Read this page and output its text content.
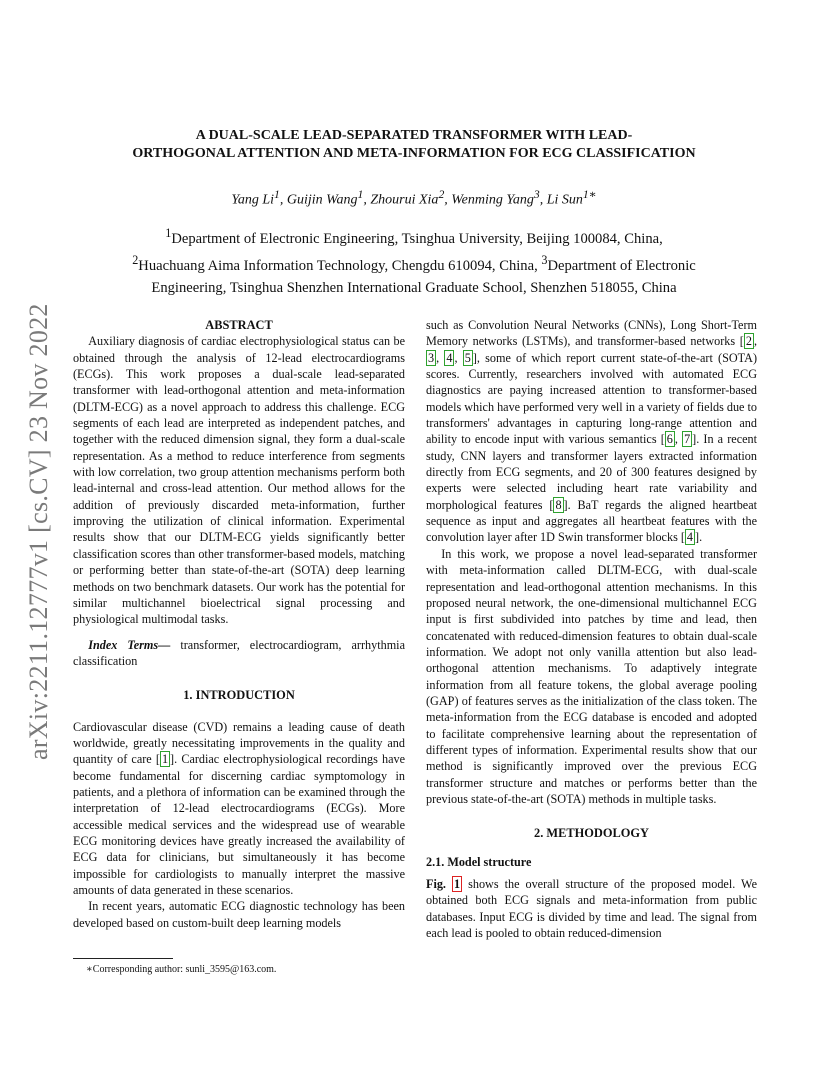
arXiv:2211.12777v1 [cs.CV] 23 Nov 2022
A DUAL-SCALE LEAD-SEPARATED TRANSFORMER WITH LEAD-
ORTHOGONAL ATTENTION AND META-INFORMATION FOR ECG CLASSIFICATION
Yang Li$^1$, Guijin Wang$^1$, Zhourui Xia$^2$, Wenming Yang$^3$, Li Sun$^{1∗}$
$^1$Department of Electronic Engineering, Tsinghua University, Beijing 100084, China,
$^2$Huachuang Aima Information Technology, Chengdu 610094, China, $^3$Department of Electronic
Engineering, Tsinghua Shenzhen International Graduate School, Shenzhen 518055, China
ABSTRACT

Auxiliary diagnosis of cardiac electrophysiological status can be obtained through the analysis of 12-lead electrocardiograms (ECGs). This work proposes a dual-scale lead-separated transformer with lead-orthogonal attention and meta-information (DLTM-ECG) as a novel approach to address this challenge. ECG segments of each lead are interpreted as independent patches, and together with the reduced dimension signal, they form a dual-scale representation. As a method to reduce interference from segments with low correlation, two group attention mechanisms perform both lead-internal and cross-lead attention. Our method allows for the addition of previously discarded meta-information, further improving the utilization of clinical information. Experimental results show that our DLTM-ECG yields significantly better classification scores than other transformer-based models, matching or performing better than state-of-the-art (SOTA) deep learning methods on two benchmark datasets. Our work has the potential for similar multichannel bioelectrical signal processing and physiological multimodal tasks.

Index Terms— transformer, electrocardiogram, arrhythmia classification

1. INTRODUCTION

Cardiovascular disease (CVD) remains a leading cause of death worldwide, greatly necessitating improvements in the quality and quantity of care [ 1 ]. Cardiac electrophysiological recordings have become fundamental for discerning cardiac symptomology in patients, and a plethora of information can be examined through the interpretation of 12-lead electrocardiograms (ECGs). More accessible medical services and the widespread use of wearable ECG monitoring devices have greatly increased the availability of ECG data for clinicians, but simultaneously it has become impossible for cardiologists to manually interpret the massive amounts of data generated in these scenarios.

In recent years, automatic ECG diagnostic technology has been developed based on custom-built deep learning models

such as Convolution Neural Networks (CNNs), Long Short-Term Memory networks (LSTMs), and transformer-based networks [ 2 , 3 , 4 , 5 ], some of which report current state-of-the-art (SOTA) scores. Currently, researchers involved with automated ECG diagnostics are paying increased attention to transformer-based models which have performed very well in a variety of fields due to transformers' advantages in capturing long-range attention and ability to encode input with various semantics [ 6 , 7 ]. In a recent study, CNN layers and transformer layers extracted information directly from ECG segments, and 20 of 300 features designed by experts were selected including heart rate variability and morphological features [ 8 ]. BaT regards the aligned heartbeat sequence as input and aggregates all heartbeat features with the convolution layer after 1D Swin transformer blocks [ 4 ].

In this work, we propose a novel lead-separated transformer with meta-information called DLTM-ECG, with dual-scale representation and lead-orthogonal attention mechanisms. In this proposed neural network, the one-dimensional multichannel ECG input is first subdivided into patches by time and lead, then concatenated with reduced-dimension features to obtain dual-scale information. We adopt not only vanilla attention but also lead-orthogonal attention mechanisms. To adaptively integrate information from all feature tokens, the global average pooling (GAP) of features serves as the initialization of the class token. The meta-information from the ECG database is encoded and adopted to facilitate comprehensive learning about the representation of different types of information. Experimental results show that our method is significantly improved over the previous ECG transformer structure and matches or performs better than the previous state-of-the-art (SOTA) methods in multiple tasks.

2. METHODOLOGY

2.1. Model structure

Fig. 1 shows the overall structure of the proposed model. We obtained both ECG signals and meta-information from public databases. Input ECG is divided by time and lead. The signal from each lead is pooled to obtain reduced-dimension

∗Corresponding author: sunli_3595@163.com.
